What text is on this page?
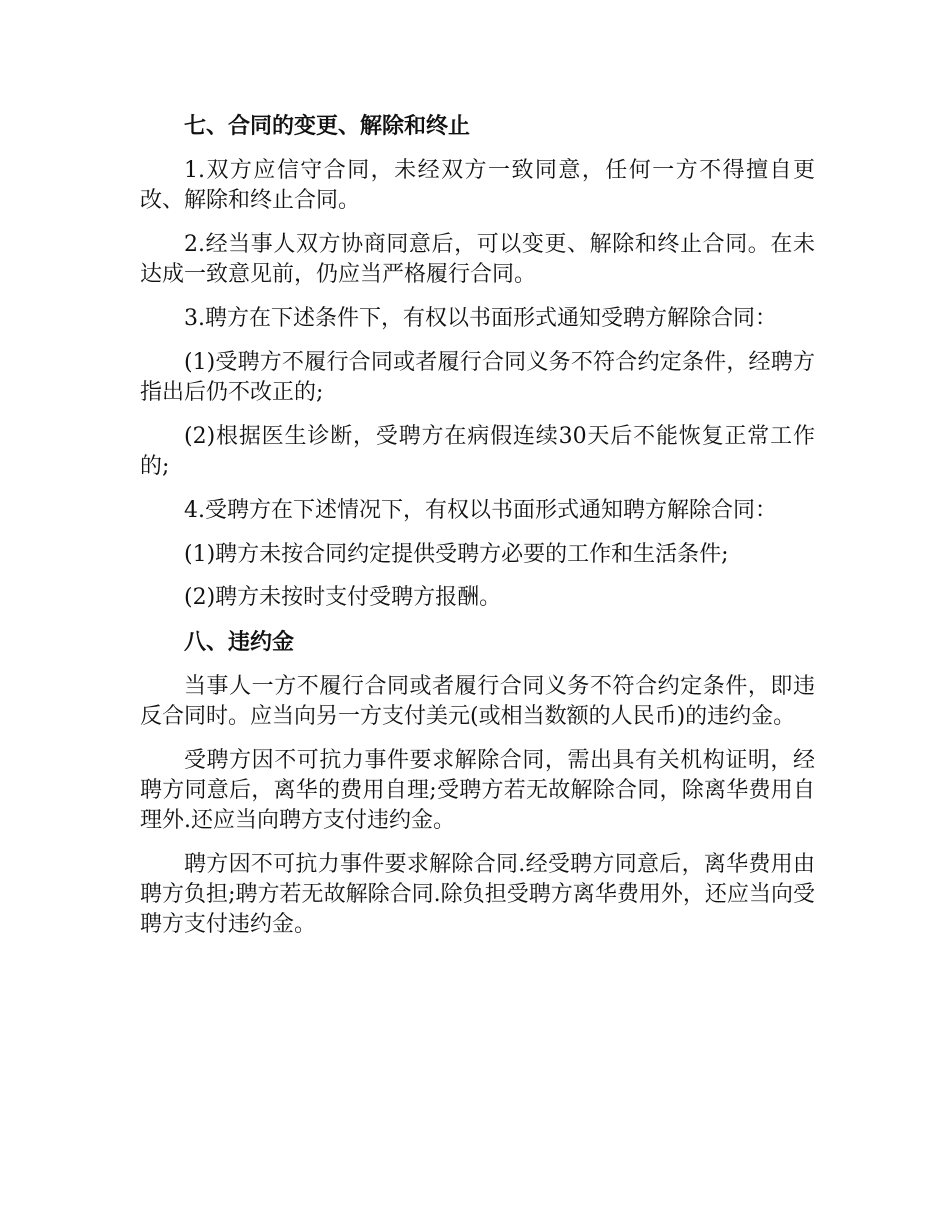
七、合同的变更、解除和终止

1.双方应信守合同，未经双方一致同意，任何一方不得擅自更改、解除和终止合同。

2.经当事人双方协商同意后，可以变更、解除和终止合同。在未达成一致意见前，仍应当严格履行合同。

3.聘方在下述条件下，有权以书面形式通知受聘方解除合同：

(1)受聘方不履行合同或者履行合同义务不符合约定条件，经聘方指出后仍不改正的;

(2)根据医生诊断，受聘方在病假连续30天后不能恢复正常工作的;

4.受聘方在下述情况下，有权以书面形式通知聘方解除合同：

(1)聘方未按合同约定提供受聘方必要的工作和生活条件;

(2)聘方未按时支付受聘方报酬。

八、违约金

当事人一方不履行合同或者履行合同义务不符合约定条件，即违反合同时。应当向另一方支付美元(或相当数额的人民币)的违约金。

受聘方因不可抗力事件要求解除合同，需出具有关机构证明，经聘方同意后，离华的费用自理;受聘方若无故解除合同，除离华费用自理外.还应当向聘方支付违约金。

聘方因不可抗力事件要求解除合同.经受聘方同意后，离华费用由聘方负担;聘方若无故解除合同.除负担受聘方离华费用外，还应当向受聘方支付违约金。
